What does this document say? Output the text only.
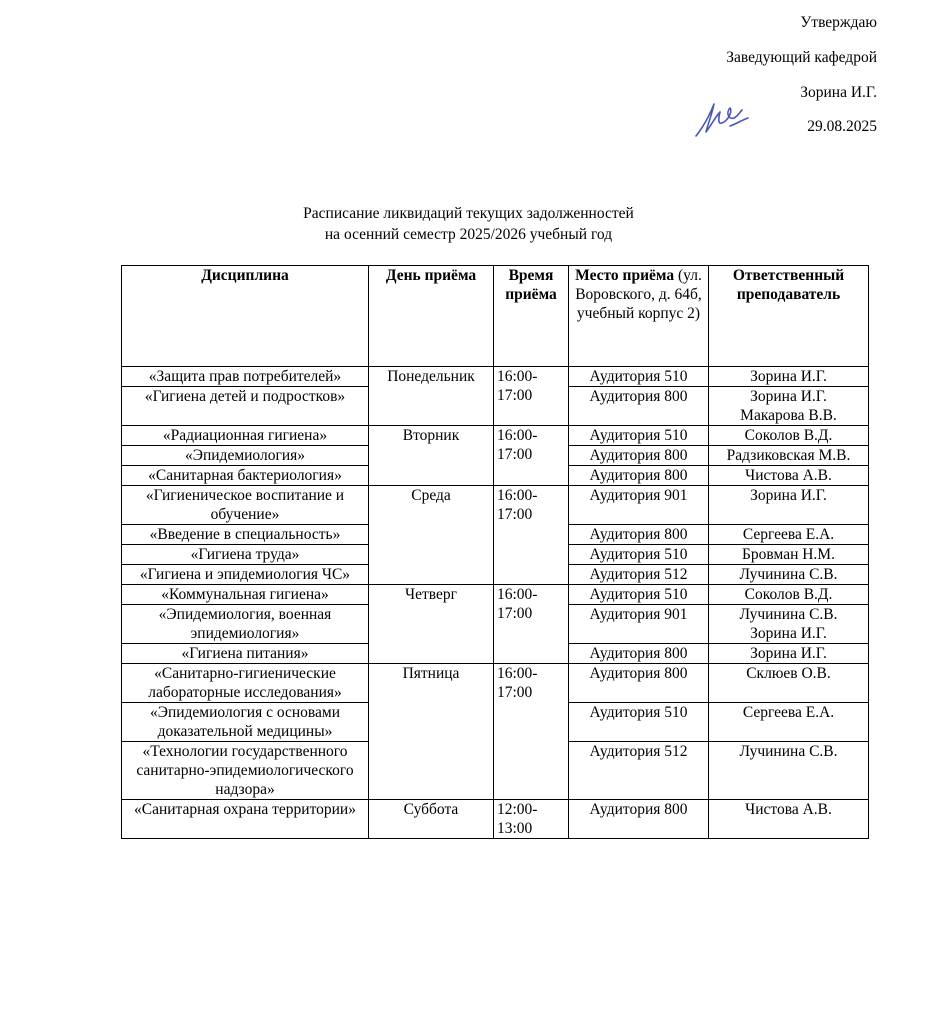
Утверждаю
Заведующий кафедрой
Зорина И.Г.
29.08.2025
Расписание ликвидаций текущих задолженностей
на осенний семестр 2025/2026 учебный год
Дисциплина	День приёма	Время приёма	Место приёма (ул. Воровского, д. 64б, учебный корпус 2)	Ответственный преподаватель
«Защита прав потребителей»	Понедельник	16:00-17:00	Аудитория 510	Зорина И.Г.

«Гигиена детей и подростков»			Аудитория 800	Зорина И.Г.
Макарова В.В.

«Радиационная гигиена»	Вторник	16:00-17:00	Аудитория 510	Соколов В.Д.

«Эпидемиология»			Аудитория 800	Радзиковская М.В.

«Санитарная бактериология»			Аудитория 800	Чистова А.В.

«Гигиеническое воспитание и обучение»	Среда	16:00-17:00	Аудитория 901	Зорина И.Г.

«Введение в специальность»			Аудитория 800	Сергеева Е.А.

«Гигиена труда»			Аудитория 510	Бровман Н.М.

«Гигиена и эпидемиология ЧС»			Аудитория 512	Лучинина С.В.

«Коммунальная гигиена»	Четверг	16:00-17:00	Аудитория 510	Соколов В.Д.

«Эпидемиология, военная эпидемиология»			Аудитория 901	Лучинина С.В.
Зорина И.Г.

«Гигиена питания»			Аудитория 800	Зорина И.Г.

«Санитарно-гигиенические лабораторные исследования»	Пятница	16:00-17:00	Аудитория 800	Склюев О.В.

«Эпидемиология с основами доказательной медицины»			Аудитория 510	Сергеева Е.А.

«Технологии государственного санитарно-эпидемиологического надзора»			Аудитория 512	Лучинина С.В.

«Санитарная охрана территории»	Суббота	12:00-13:00	Аудитория 800	Чистова А.В.
